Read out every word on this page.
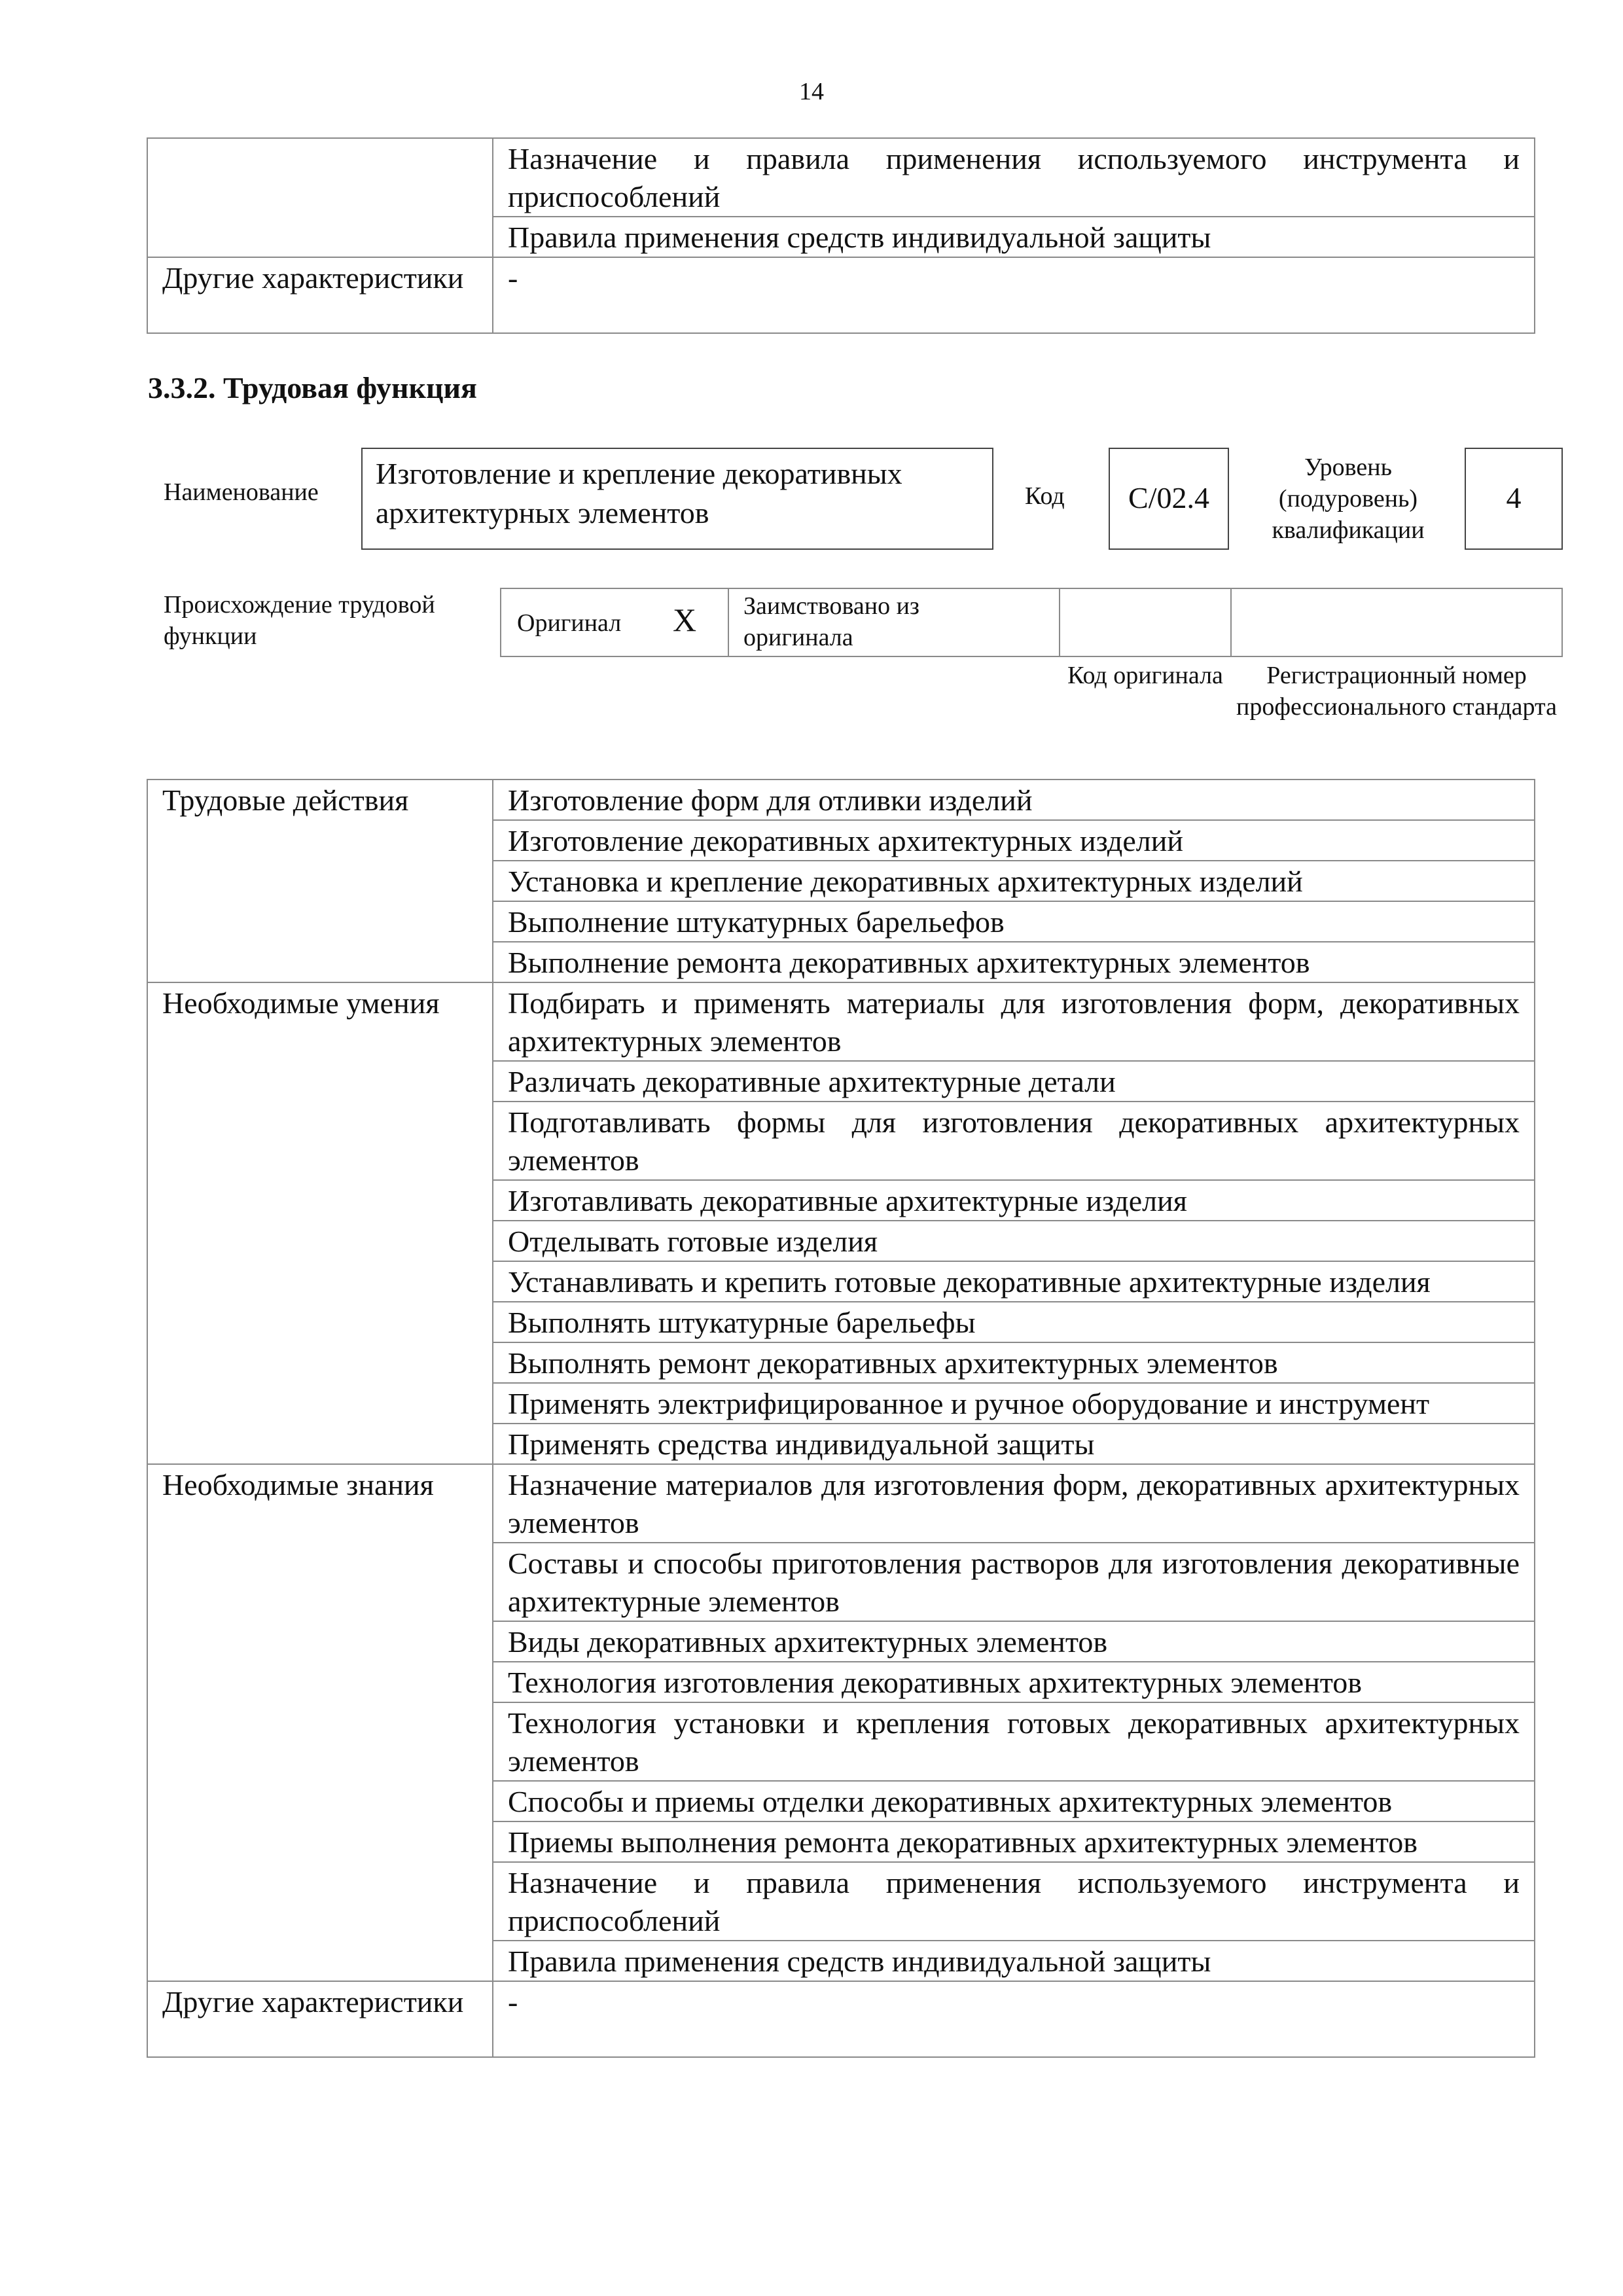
14
	Назначение и правила применения используемого инструмента и приспособлений
	Правила применения средств индивидуальной защиты
Другие характеристики	-
3.3.2. Трудовая функция
Наименование
Изготовление и крепление декоративных архитектурных элементов	Код	C/02.4
Уровень (подуровень) квалификации
4
Происхождение трудовой функции	Оригинал X Заимствовано из оригинала
Код оригинала	Регистрационный номер профессионального стандарта
Трудовые действия	Изготовление форм для отливки изделий
	Изготовление декоративных архитектурных изделий
	Установка и крепление декоративных архитектурных изделий
	Выполнение штукатурных барельефов
	Выполнение ремонта декоративных архитектурных элементов
Необходимые умения	Подбирать и применять материалы для изготовления форм, декоративных архитектурных элементов
	Различать декоративные архитектурные детали
	Подготавливать формы для изготовления декоративных архитектурных элементов
	Изготавливать декоративные архитектурные изделия
	Отделывать готовые изделия
	Устанавливать и крепить готовые декоративные архитектурные изделия
	Выполнять штукатурные барельефы
	Выполнять ремонт декоративных архитектурных элементов
	Применять электрифицированное и ручное оборудование и инструмент
	Применять средства индивидуальной защиты
Необходимые знания	Назначение материалов для изготовления форм, декоративных архитектурных элементов
	Составы и способы приготовления растворов для изготовления декоративные архитектурные элементов
	Виды декоративных архитектурных элементов
	Технология изготовления декоративных архитектурных элементов
	Технология установки и крепления готовых декоративных архитектурных элементов
	Способы и приемы отделки декоративных архитектурных элементов
	Приемы выполнения ремонта декоративных архитектурных элементов
	Назначение и правила применения используемого инструмента и приспособлений
	Правила применения средств индивидуальной защиты
Другие характеристики	-
